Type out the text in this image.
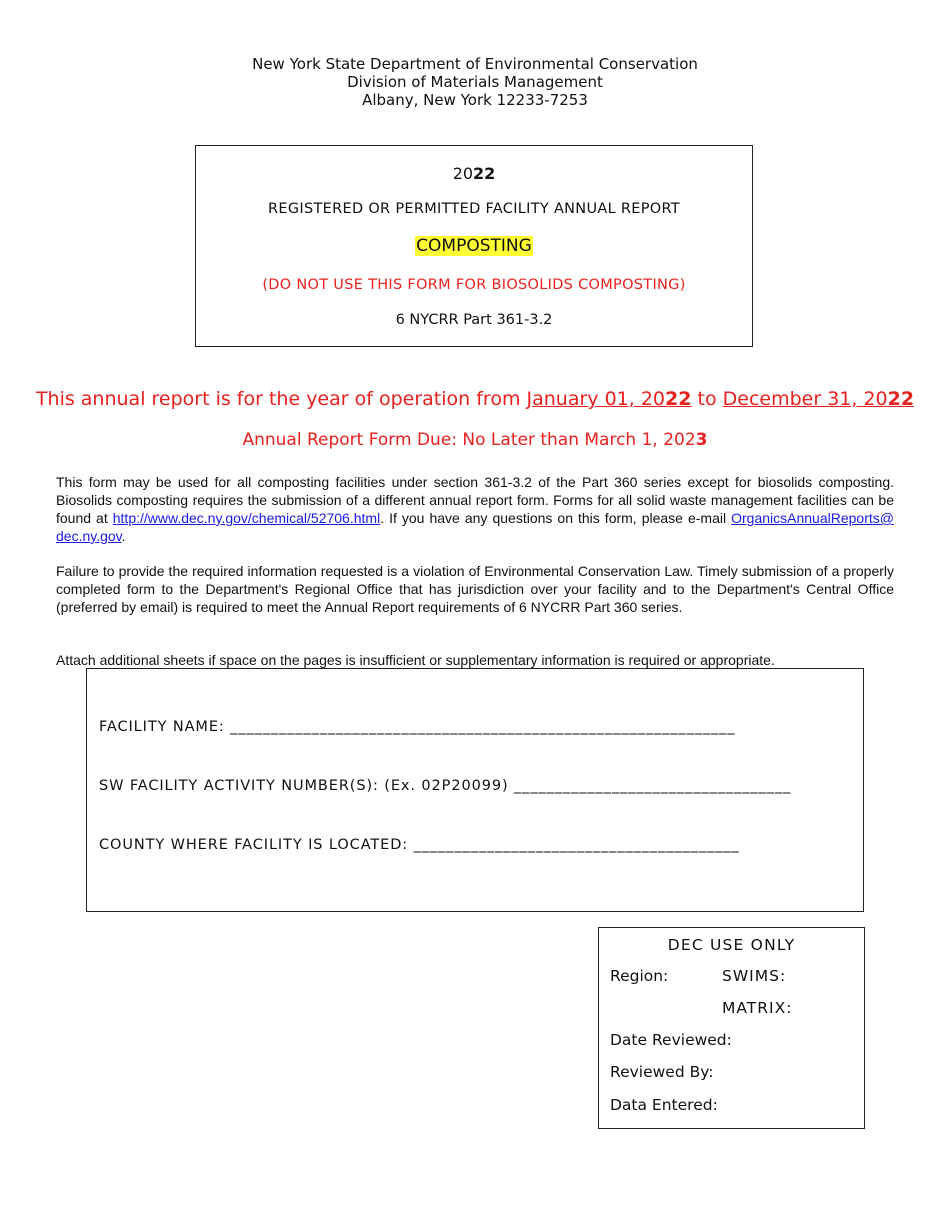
New York State Department of Environmental Conservation
Division of Materials Management
Albany, New York 12233-7253
2022
REGISTERED OR PERMITTED FACILITY ANNUAL REPORT
COMPOSTING
(DO NOT USE THIS FORM FOR BIOSOLIDS COMPOSTING)
6 NYCRR Part 361-3.2
This annual report is for the year of operation from January 01, 2022 to December 31, 2022
Annual Report Form Due: No Later than March 1, 2023

This form may be used for all composting facilities under section 361-3.2 of the Part 360 series except for biosolids composting. Biosolids composting requires the submission of a different annual report form. Forms for all solid waste management facilities can be found at http://www.dec.ny.gov/chemical/52706.html. If you have any questions on this form, please e-mail OrganicsAnnualReports@ dec.ny.gov.

Failure to provide the required information requested is a violation of Environmental Conservation Law. Timely submission of a properly completed form to the Department's Regional Office that has jurisdiction over your facility and to the Department's Central Office (preferred by email) is required to meet the Annual Report requirements of 6 NYCRR Part 360 series.

Attach additional sheets if space on the pages is insufficient or supplementary information is required or appropriate.

FACILITY NAME: ______________________________________________________________
SW FACILITY ACTIVITY NUMBER(S): (Ex. 02P20099) __________________________________
COUNTY WHERE FACILITY IS LOCATED: ________________________________________
DEC USE ONLY
Region:	SWIMS:
MATRIX:
Date Reviewed:
Reviewed By:
Data Entered:
